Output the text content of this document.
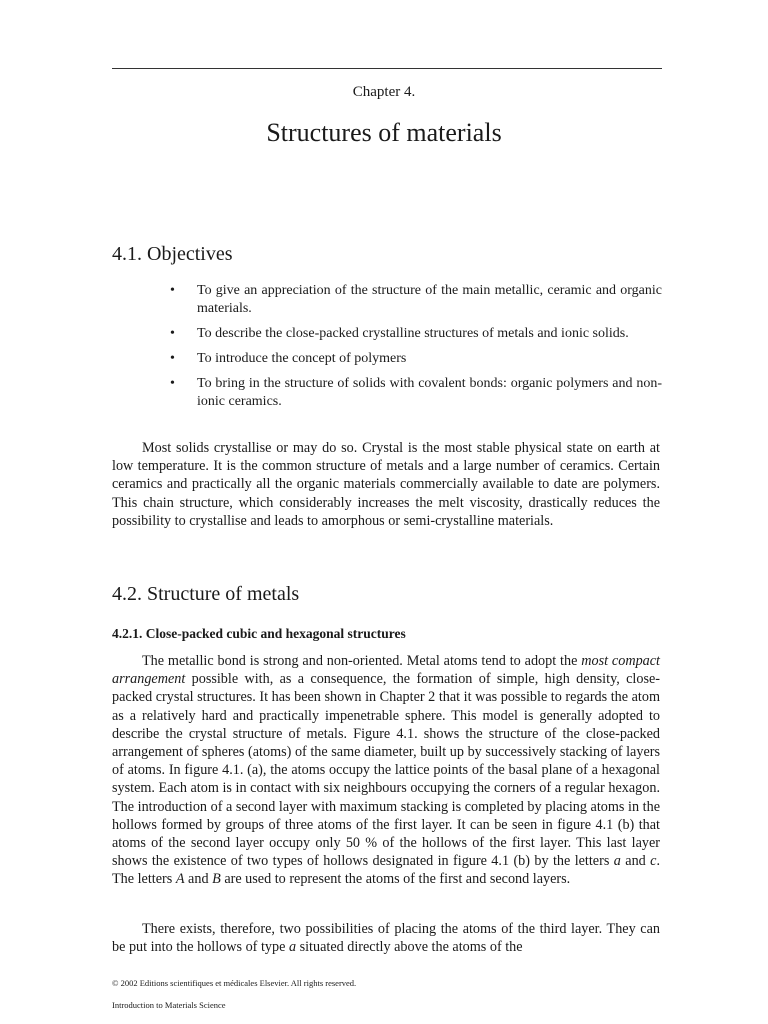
Chapter 4.
Structures of materials
4.1. Objectives
• To give an appreciation of the structure of the main metallic, ceramic and organic materials.
• To describe the close-packed crystalline structures of metals and ionic solids.
• To introduce the concept of polymers
• To bring in the structure of solids with covalent bonds: organic polymers and non-ionic ceramics.

Most solids crystallise or may do so. Crystal is the most stable physical state on earth at low temperature. It is the common structure of metals and a large number of ceramics. Certain ceramics and practically all the organic materials commercially available to date are polymers. This chain structure, which considerably increases the melt viscosity, drastically reduces the possibility to crystallise and leads to amorphous or semi-crystalline materials.

4.2. Structure of metals
4.2.1. Close-packed cubic and hexagonal structures

The metallic bond is strong and non-oriented. Metal atoms tend to adopt the most compact arrangement possible with, as a consequence, the formation of simple, high density, close-packed crystal structures. It has been shown in Chapter 2 that it was possible to regards the atom as a relatively hard and practically impenetrable sphere. This model is generally adopted to describe the crystal structure of metals. Figure 4.1. shows the structure of the close-packed arrangement of spheres (atoms) of the same diameter, built up by successively stacking of layers of atoms. In figure 4.1. (a), the atoms occupy the lattice points of the basal plane of a hexagonal system. Each atom is in contact with six neighbours occupying the corners of a regular hexagon. The introduction of a second layer with maximum stacking is completed by placing atoms in the hollows formed by groups of three atoms of the first layer. It can be seen in figure 4.1 (b) that atoms of the second layer occupy only 50 % of the hollows of the first layer. This last layer shows the existence of two types of hollows designated in figure 4.1 (b) by the letters a and c. The letters A and B are used to represent the atoms of the first and second layers.

There exists, therefore, two possibilities of placing the atoms of the third layer. They can be put into the hollows of type a situated directly above the atoms of the

© 2002 Editions scientifiques et médicales Elsevier. All rights reserved.
Introduction to Materials Science
